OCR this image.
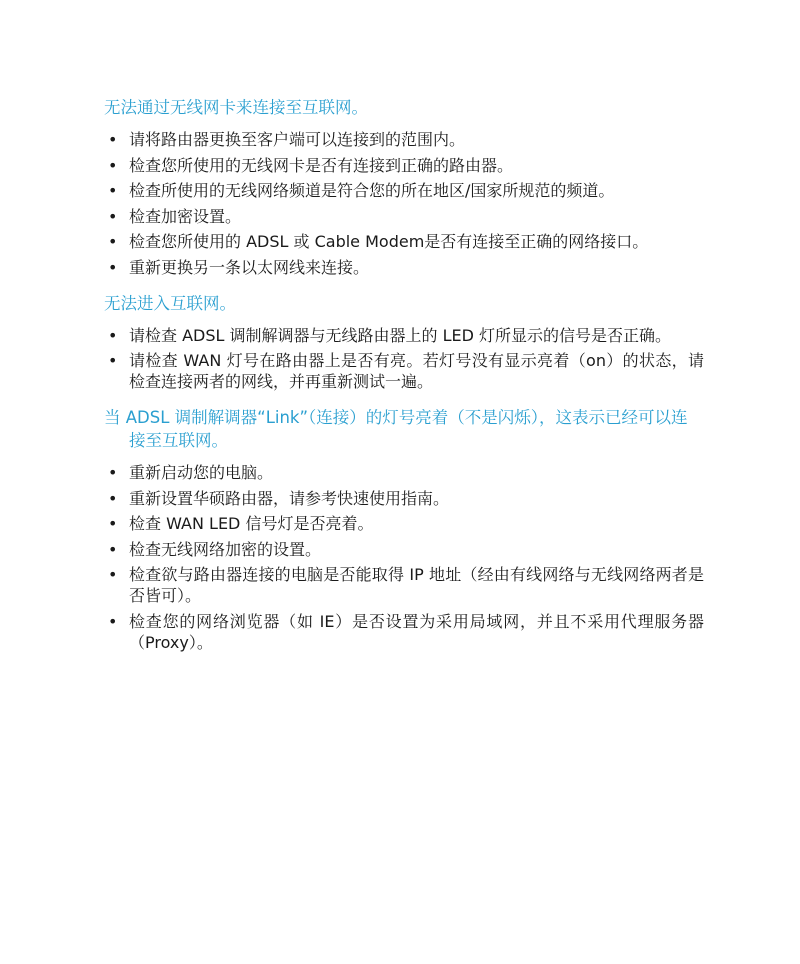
无法通过无线网卡来连接至互联网。
• 请将路由器更换至客户端可以连接到的范围内。
• 检查您所使用的无线网卡是否有连接到正确的路由器。
• 检查所使用的无线网络频道是符合您的所在地区/国家所规范的频道。
• 检查加密设置。
• 检查您所使用的 ADSL 或 Cable Modem是否有连接至正确的网络接口。
• 重新更换另一条以太网线来连接。
无法进入互联网。
• 请检查 ADSL 调制解调器与无线路由器上的 LED 灯所显示的信号是否正确。
• 请检查 WAN 灯号在路由器上是否有亮。若灯号没有显示亮着（on）的状态，请检查连接两者的网线，并再重新测试一遍。
当 ADSL 调制解调器“Link”（连接）的灯号亮着（不是闪烁），这表示已经可以连接至互联网。
• 重新启动您的电脑。
• 重新设置华硕路由器，请参考快速使用指南。
• 检查 WAN LED 信号灯是否亮着。
• 检查无线网络加密的设置。
• 检查欲与路由器连接的电脑是否能取得 IP 地址（经由有线网络与无线网络两者是否皆可）。
• 检查您的网络浏览器（如 IE）是否设置为采用局域网，并且不采用代理服务器 （Proxy）。
